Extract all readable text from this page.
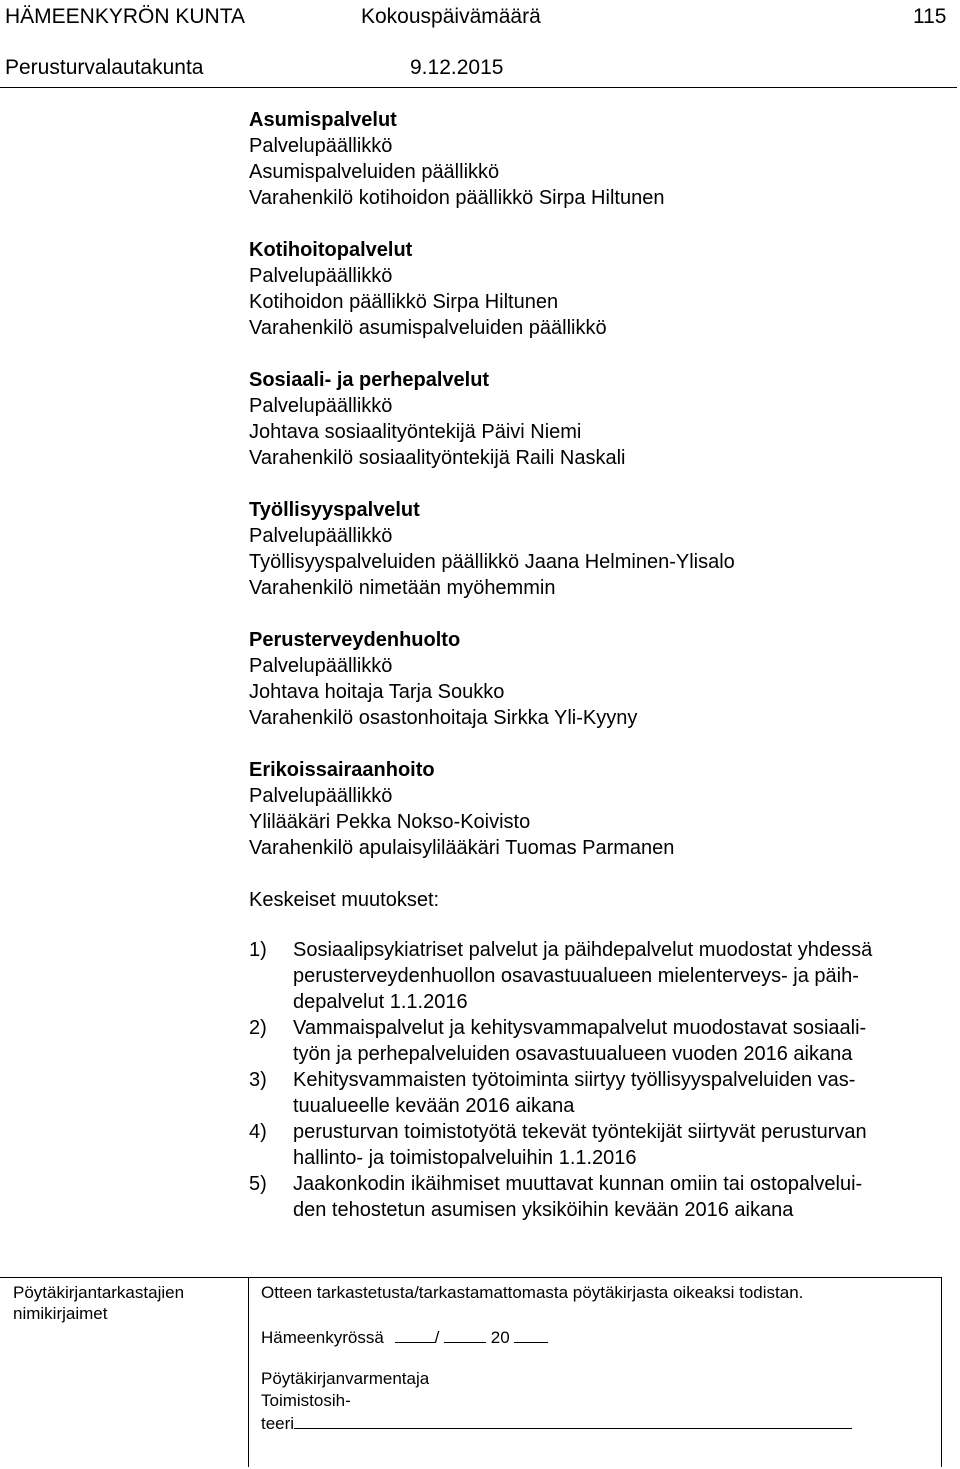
HÄMEENKYRÖN KUNTA	Kokouspäivämäärä	115
Perusturvalautakunta	9.12.2015
Asumispalvelut
Palvelupäällikkö
Asumispalveluiden päällikkö
Varahenkilö kotihoidon päällikkö Sirpa Hiltunen
Kotihoitopalvelut
Palvelupäällikkö
Kotihoidon päällikkö Sirpa Hiltunen
Varahenkilö asumispalveluiden päällikkö
Sosiaali- ja perhepalvelut
Palvelupäällikkö
Johtava sosiaalityöntekijä Päivi Niemi
Varahenkilö sosiaalityöntekijä Raili Naskali
Työllisyyspalvelut
Palvelupäällikkö
Työllisyyspalveluiden päällikkö Jaana Helminen-Ylisalo
Varahenkilö nimetään myöhemmin
Perusterveydenhuolto
Palvelupäällikkö
Johtava hoitaja Tarja Soukko
Varahenkilö osastonhoitaja Sirkka Yli-Kyyny
Erikoissairaanhoito
Palvelupäällikkö
Ylilääkäri Pekka Nokso-Koivisto
Varahenkilö apulaisylilääkäri Tuomas Parmanen
Keskeiset muutokset:
1) Sosiaalipsykiatriset palvelut ja päihdepalvelut muodostat yhdessä
perusterveydenhuollon osavastuualueen mielenterveys- ja päih-
depalvelut 1.1.2016
2) Vammaispalvelut ja kehitysvammapalvelut muodostavat sosiaali-
työn ja perhepalveluiden osavastuualueen vuoden 2016 aikana
3) Kehitysvammaisten työtoiminta siirtyy työllisyyspalveluiden vas-
tuualueelle kevään 2016 aikana
4) perusturvan toimistotyötä tekevät työntekijät siirtyvät perusturvan
hallinto- ja toimistopalveluihin 1.1.2016
5) Jaakonkodin ikäihmiset muuttavat kunnan omiin tai ostopalvelui-
den tehostetun asumisen yksiköihin kevään 2016 aikana
Pöytäkirjantarkastajien
nimikirjaimet
Otteen tarkastetusta/tarkastamattomasta pöytäkirjasta oikeaksi todistan.
Hämeenkyrössä	/	20
Pöytäkirjanvarmentaja
Toimistosih-
teeri
